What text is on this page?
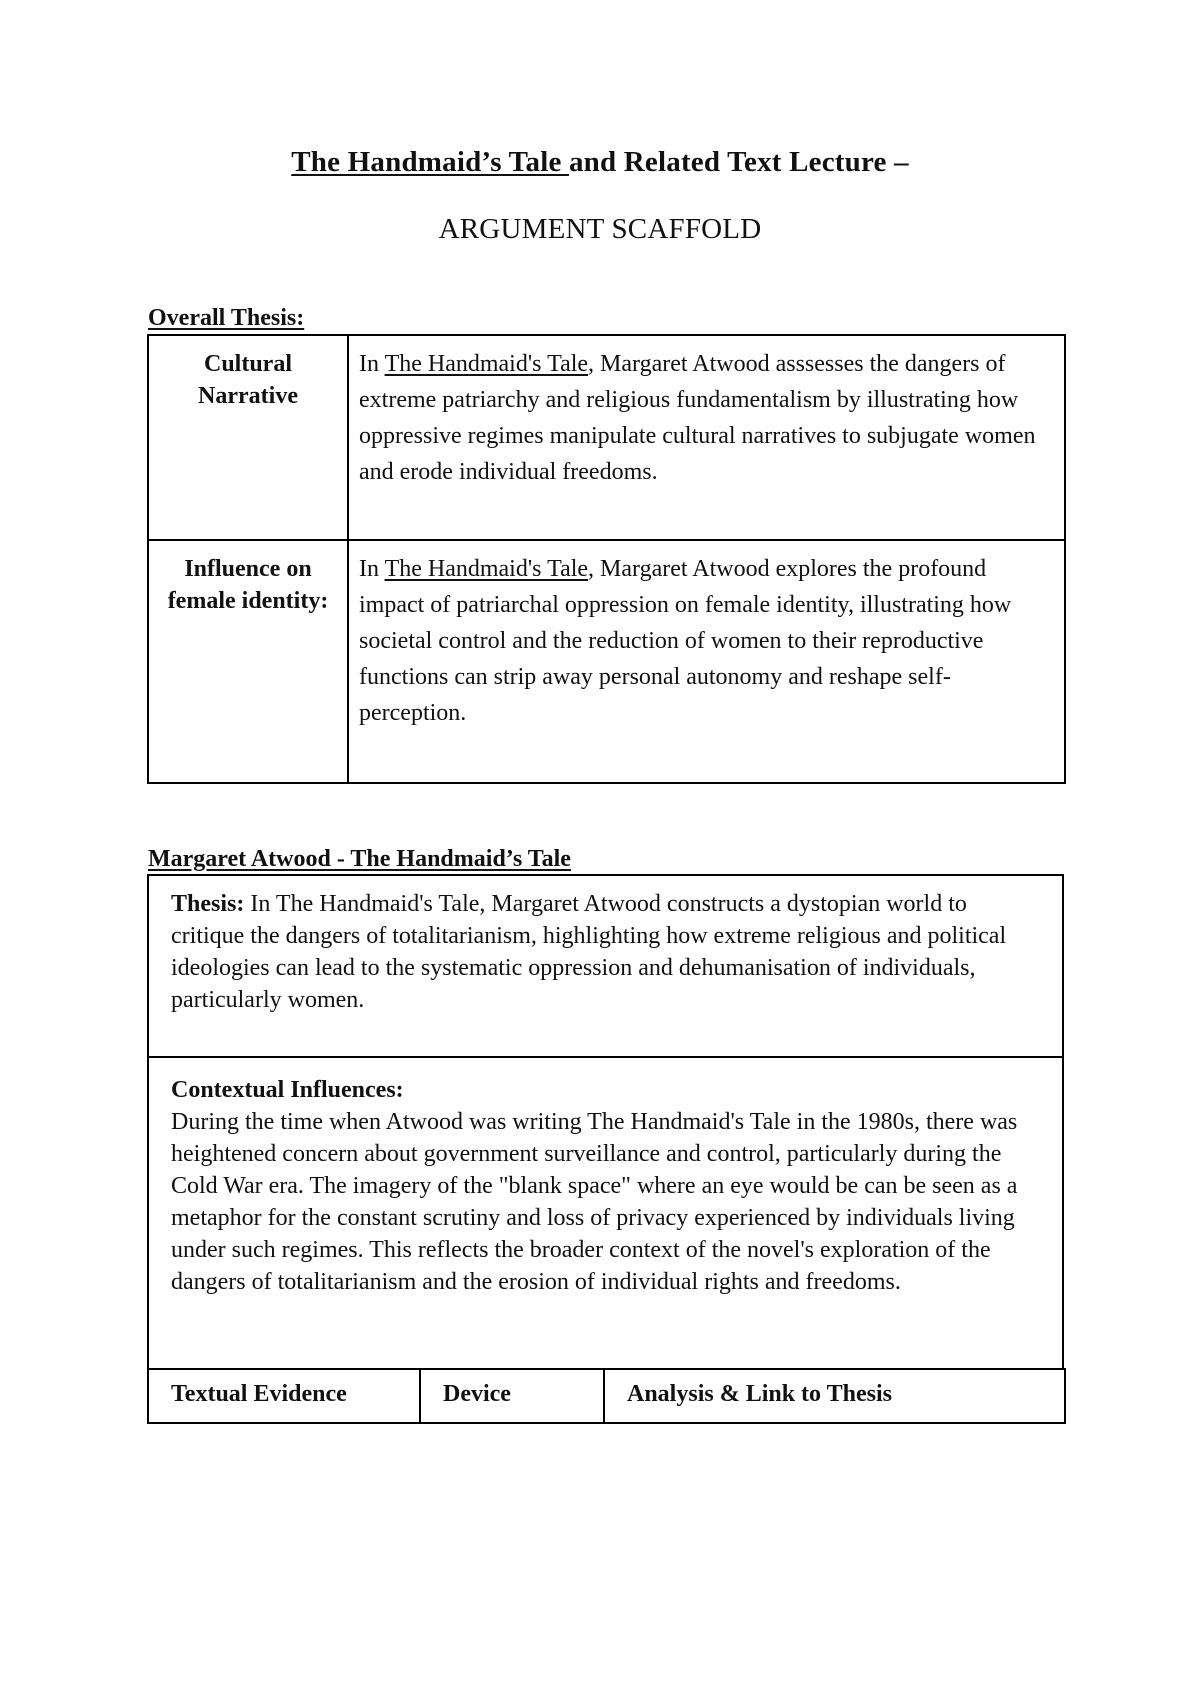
The Handmaid’s Tale and Related Text Lecture –
ARGUMENT SCAFFOLD
Overall Thesis:
Cultural Narrative	In The Handmaid's Tale, Margaret Atwood asssesses the dangers of extreme patriarchy and religious fundamentalism by illustrating how oppressive regimes manipulate cultural narratives to subjugate women and erode individual freedoms.
Influence on female identity:	In The Handmaid's Tale, Margaret Atwood explores the profound impact of patriarchal oppression on female identity, illustrating how societal control and the reduction of women to their reproductive functions can strip away personal autonomy and reshape self-perception.
Margaret Atwood - The Handmaid’s Tale
Thesis: In The Handmaid's Tale, Margaret Atwood constructs a dystopian world to critique the dangers of totalitarianism, highlighting how extreme religious and political ideologies can lead to the systematic oppression and dehumanisation of individuals, particularly women.
Contextual Influences:
During the time when Atwood was writing The Handmaid's Tale in the 1980s, there was heightened concern about government surveillance and control, particularly during the Cold War era. The imagery of the "blank space" where an eye would be can be seen as a metaphor for the constant scrutiny and loss of privacy experienced by individuals living under such regimes. This reflects the broader context of the novel's exploration of the dangers of totalitarianism and the erosion of individual rights and freedoms.
Textual Evidence	Device	Analysis & Link to Thesis
